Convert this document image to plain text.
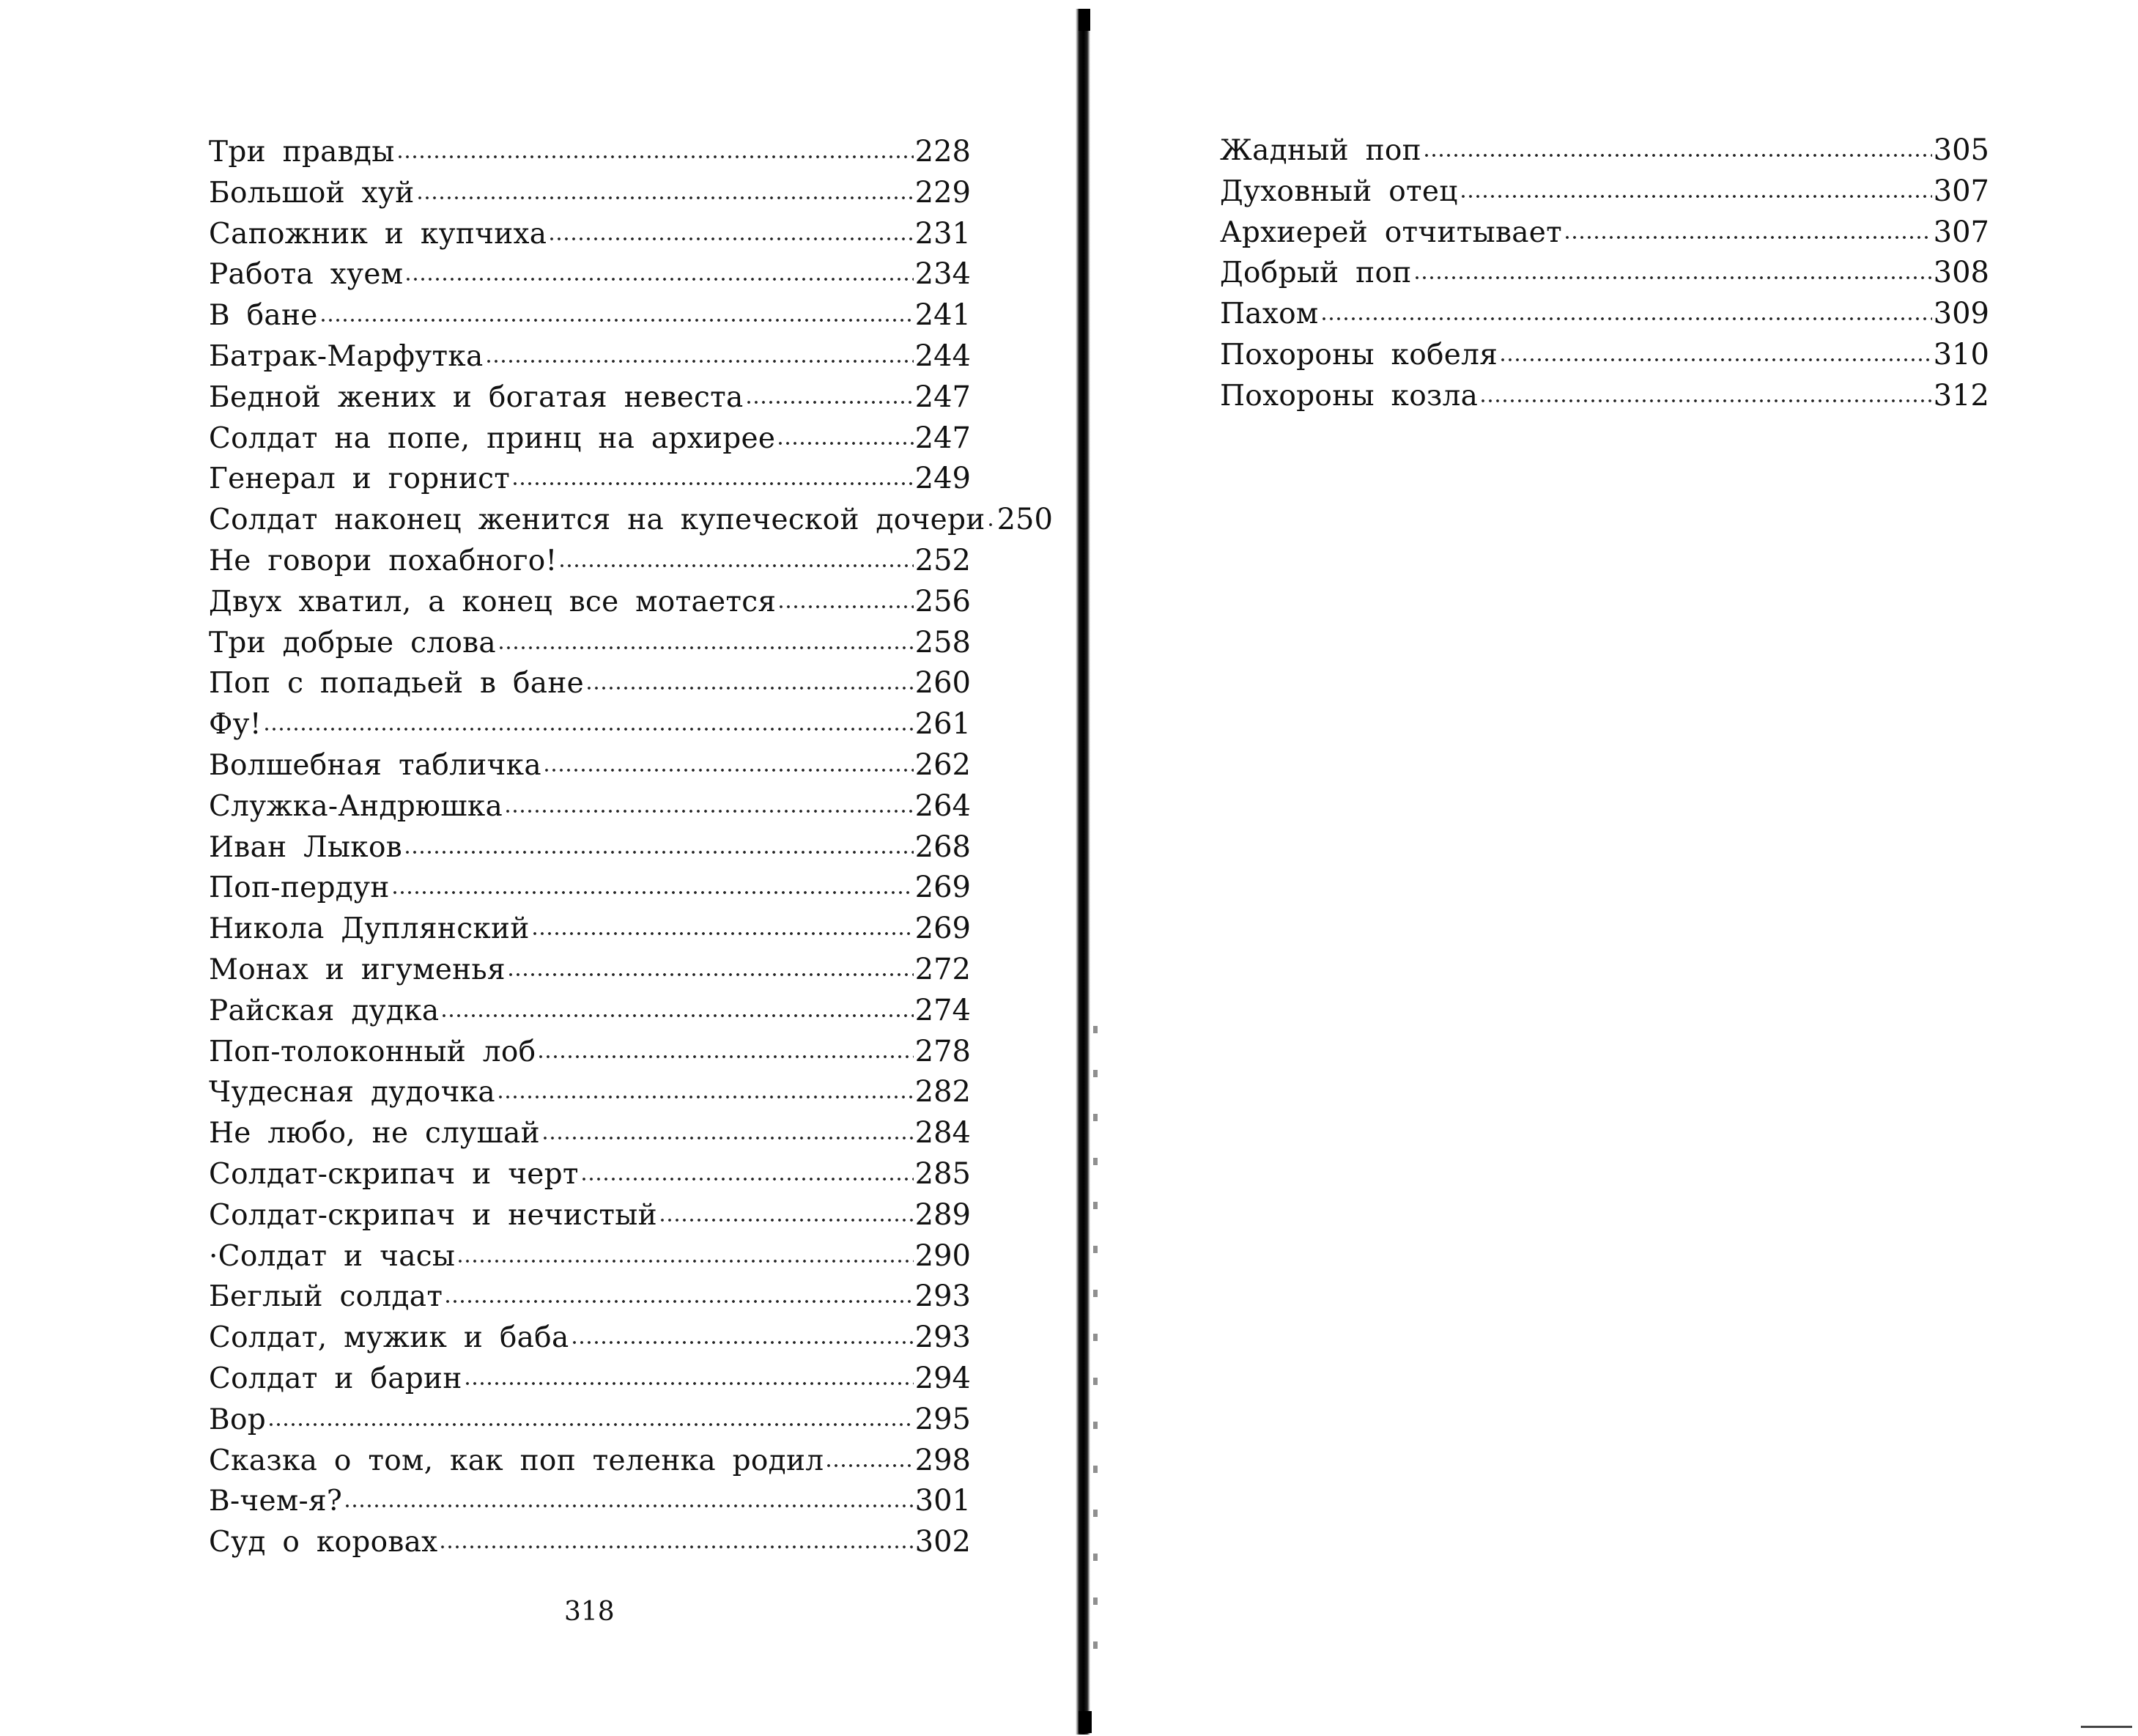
Три правды	228
Большой хуй	229
Сапожник и купчиха	231
Работа хуем	234
В бане	241
Батрак-Марфутка	244
Бедной жених и богатая невеста	247
Солдат на попе, принц на архирее	247
Генерал и горнист	249
Солдат наконец женится на купеческой дочери 250
Не говори похабного!	252
Двух хватил, а конец все мотается	256
Три добрые слова	258
Поп с попадьей в бане	260
Фу!	261
Волшебная табличка	262
Служка-Андрюшка	264
Иван Лыков	268
Поп-пердун	269
Никола Дуплянский	269
Монах и игуменья	272
Райская дудка	274
Поп-толоконный лоб	278
Чудесная дудочка	282
Не любо, не слушай	284
Солдат-скрипач и черт	285
Солдат-скрипач и нечистый	289
·Солдат и часы	290
Беглый солдат	293
Солдат, мужик и баба	293
Солдат и барин	294
Вор	295
Сказка о том, как поп теленка родил	298
В-чем-я?	301
Суд о коровах	302
318
Жадный поп	305
Духовный отец	307
Архиерей отчитывает	307
Добрый поп	308
Пахом	309
Похороны кобеля	310
Похороны козла	312
